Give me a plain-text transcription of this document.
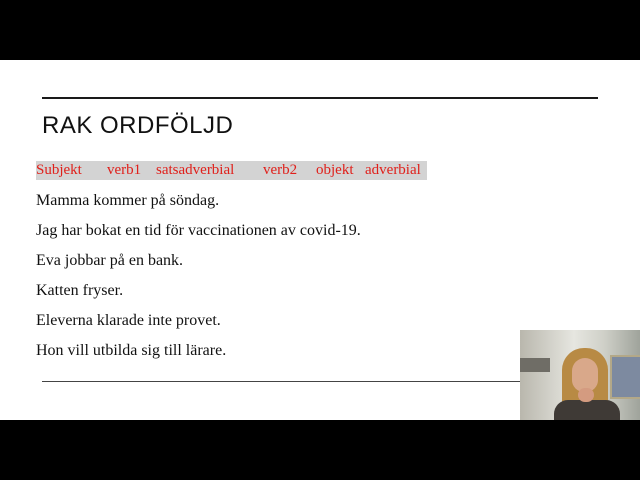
RAK ORDFÖLJD
Subjekt verb1 satsadverbial verb2 objekt adverbial
Mamma kommer på söndag.
Jag har bokat en tid för vaccinationen av covid-19.
Eva jobbar på en bank.
Katten fryser.
Eleverna klarade inte provet.
Hon vill utbilda sig till lärare.
